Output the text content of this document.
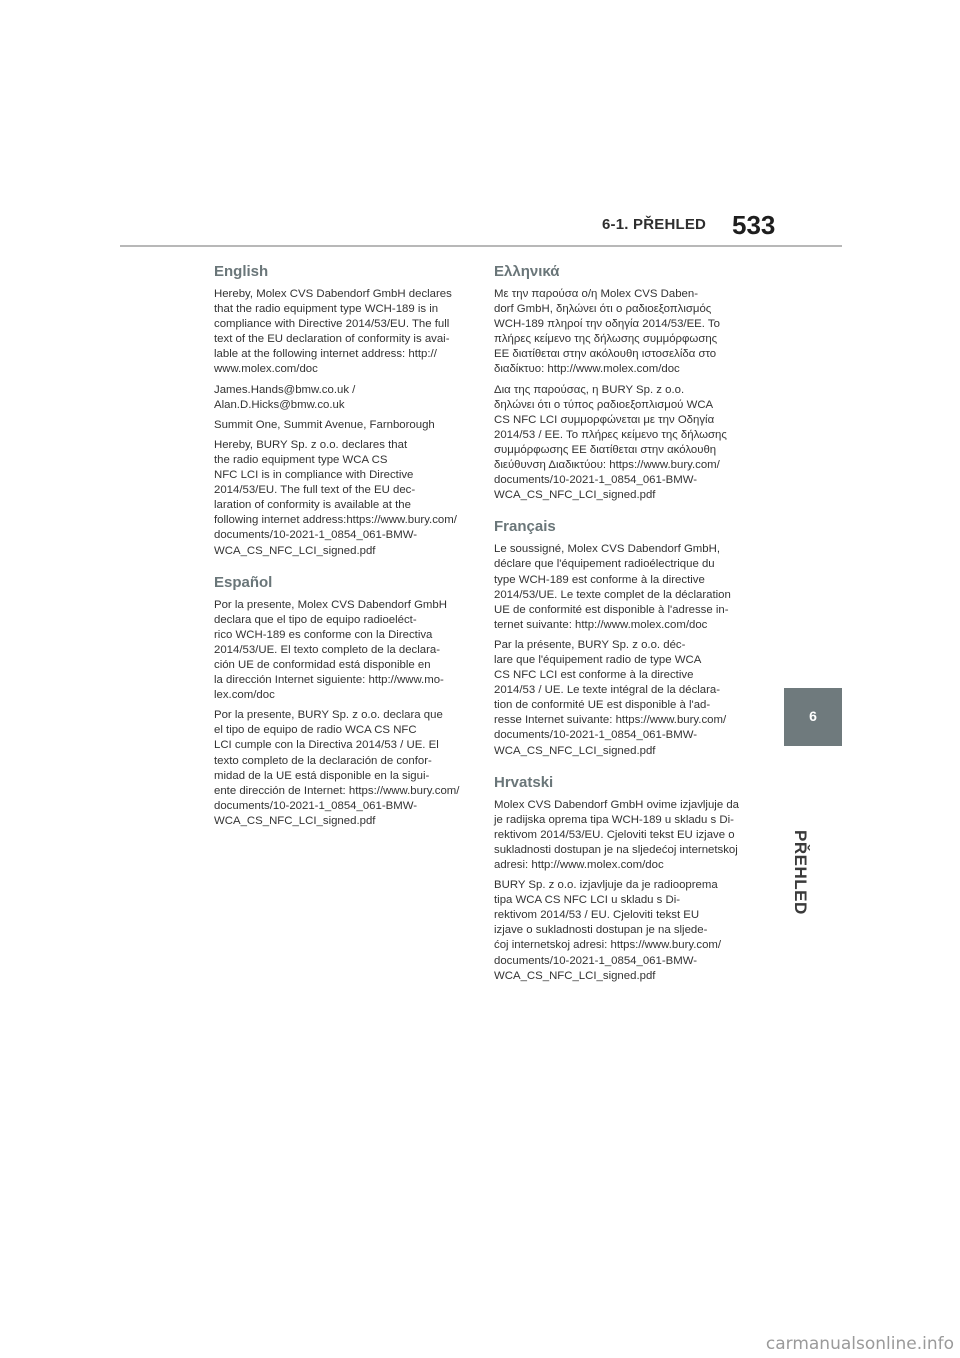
6-1. PŘEHLED 533
6
PŘEHLED
English

Hereby, Molex CVS Dabendorf GmbH declares
that the radio equipment type WCH-189 is in
compliance with Directive 2014/53/EU. The full
text of the EU declaration of conformity is avai-
lable at the following internet address: http://
www.molex.com/doc

James.Hands@bmw.co.uk /
Alan.D.Hicks@bmw.co.uk

Summit One, Summit Avenue, Farnborough

Hereby, BURY Sp. z o.o. declares that
the radio equipment type WCA CS
NFC LCI is in compliance with Directive
2014/53/EU. The full text of the EU dec-
laration of conformity is available at the
following internet address:https://www.bury.com/
documents/10-2021-1_0854_061-BMW-
WCA_CS_NFC_LCI_signed.pdf

Español

Por la presente, Molex CVS Dabendorf GmbH
declara que el tipo de equipo radioeléct-
rico WCH-189 es conforme con la Directiva
2014/53/UE. El texto completo de la declara-
ción UE de conformidad está disponible en
la dirección Internet siguiente: http://www.mo-
lex.com/doc

Por la presente, BURY Sp. z o.o. declara que
el tipo de equipo de radio WCA CS NFC
LCI cumple con la Directiva 2014/53 / UE. El
texto completo de la declaración de confor-
midad de la UE está disponible en la sigui-
ente dirección de Internet: https://www.bury.com/
documents/10-2021-1_0854_061-BMW-
WCA_CS_NFC_LCI_signed.pdf

Ελληνικά

Με την παρούσα ο/η Molex CVS Daben-
dorf GmbH, δηλώνει ότι ο ραδιοεξοπλισμός
WCH-189 πληροί την οδηγία 2014/53/ΕΕ. Το
πλήρες κείμενο της δήλωσης συμμόρφωσης
ΕΕ διατίθεται στην ακόλουθη ιστοσελίδα στο
διαδίκτυο: http://www.molex.com/doc

Δια της παρούσας, η BURY Sp. z o.o.
δηλώνει ότι ο τύπος ραδιοεξοπλισμού WCA
CS NFC LCI συμμορφώνεται με την Οδηγία
2014/53 / ΕΕ. Το πλήρες κείμενο της δήλωσης
συμμόρφωσης ΕΕ διατίθεται στην ακόλουθη
διεύθυνση Διαδικτύου: https://www.bury.com/
documents/10-2021-1_0854_061-BMW-
WCA_CS_NFC_LCI_signed.pdf

Français

Le soussigné, Molex CVS Dabendorf GmbH,
déclare que l'équipement radioélectrique du
type WCH-189 est conforme à la directive
2014/53/UE. Le texte complet de la déclaration
UE de conformité est disponible à l'adresse in-
ternet suivante: http://www.molex.com/doc

Par la présente, BURY Sp. z o.o. déc-
lare que l'équipement radio de type WCA
CS NFC LCI est conforme à la directive
2014/53 / UE. Le texte intégral de la déclara-
tion de conformité UE est disponible à l'ad-
resse Internet suivante: https://www.bury.com/
documents/10-2021-1_0854_061-BMW-
WCA_CS_NFC_LCI_signed.pdf

Hrvatski

Molex CVS Dabendorf GmbH ovime izjavljuje da
je radijska oprema tipa WCH-189 u skladu s Di-
rektivom 2014/53/EU. Cjeloviti tekst EU izjave o
sukladnosti dostupan je na sljedećoj internetskoj
adresi: http://www.molex.com/doc

BURY Sp. z o.o. izjavljuje da je radiooprema
tipa WCA CS NFC LCI u skladu s Di-
rektivom 2014/53 / EU. Cjeloviti tekst EU
izjave o sukladnosti dostupan je na sljede-
ćoj internetskoj adresi: https://www.bury.com/
documents/10-2021-1_0854_061-BMW-
WCA_CS_NFC_LCI_signed.pdf

carmanualsonline.info
